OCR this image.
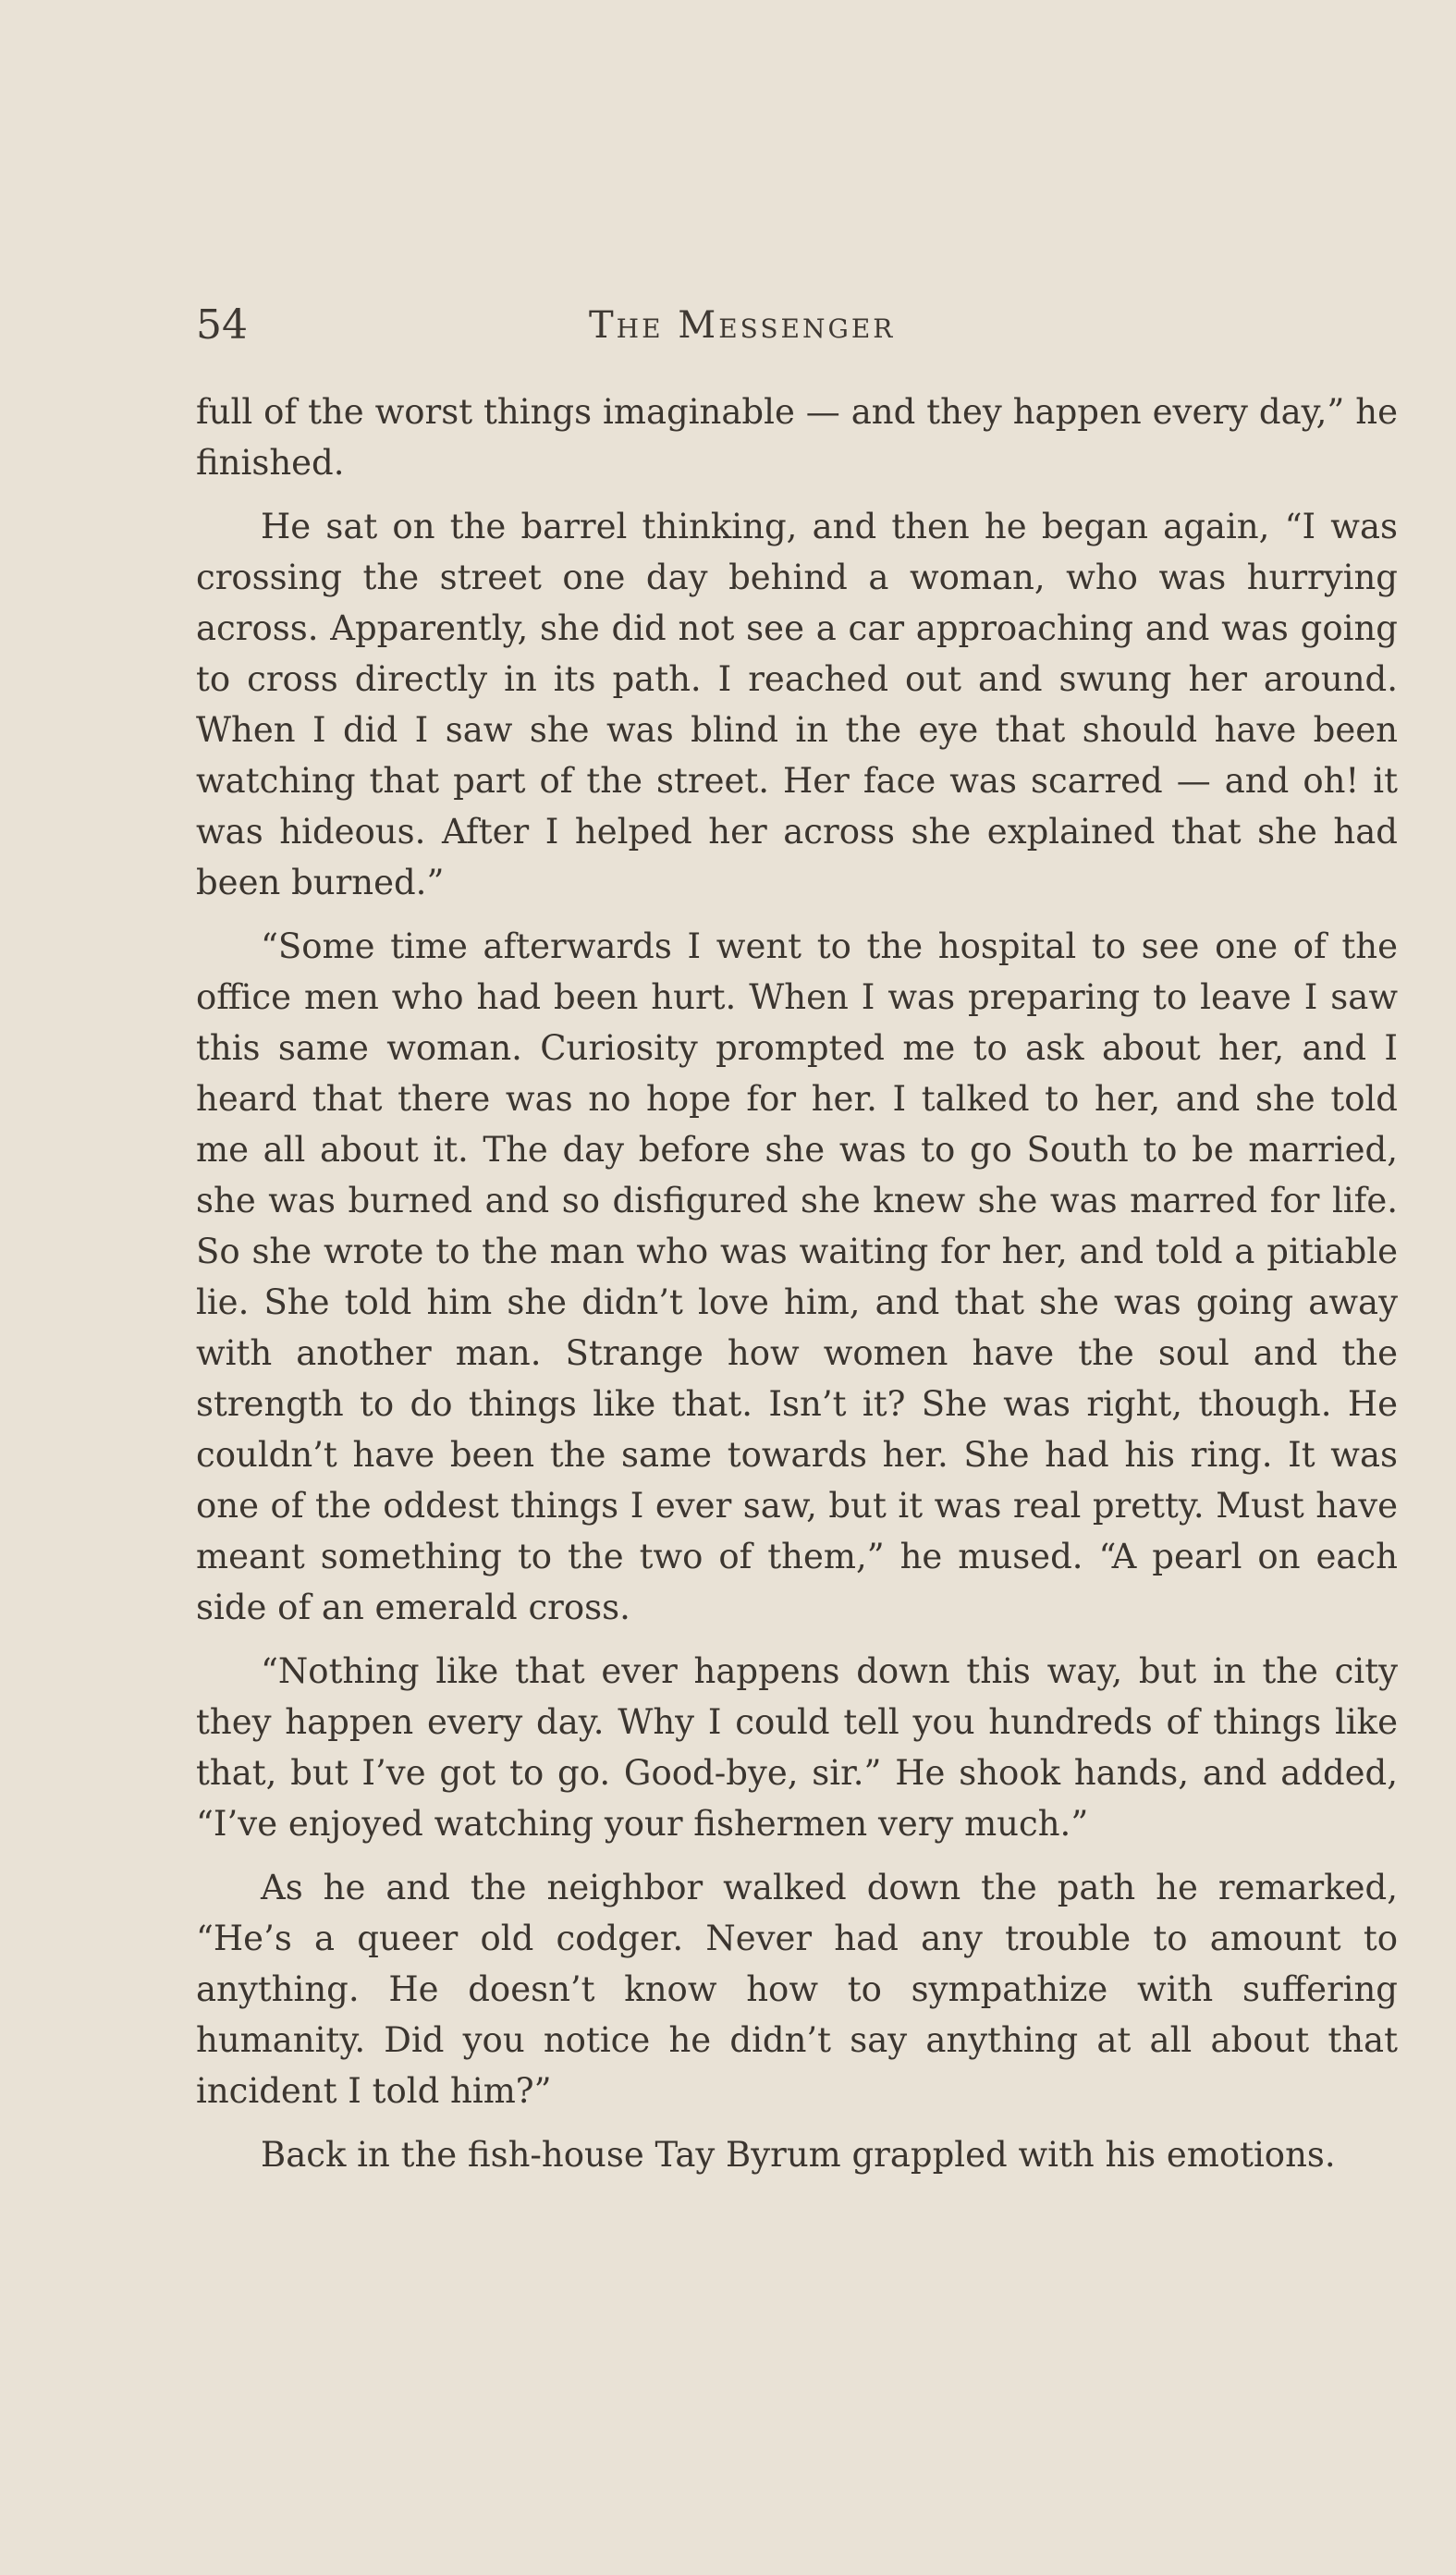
54	The Messenger

full of the worst things imaginable — and they happen every day,” he finished.

He sat on the barrel thinking, and then he began again, “I was crossing the street one day behind a woman, who was hurrying across. Apparently, she did not see a car approaching and was going to cross directly in its path. I reached out and swung her around. When I did I saw she was blind in the eye that should have been watching that part of the street. Her face was scarred — and oh! it was hideous. After I helped her across she explained that she had been burned.”

“Some time afterwards I went to the hospital to see one of the office men who had been hurt. When I was preparing to leave I saw this same woman. Curiosity prompted me to ask about her, and I heard that there was no hope for her. I talked to her, and she told me all about it. The day before she was to go South to be married, she was burned and so disfigured she knew she was marred for life. So she wrote to the man who was waiting for her, and told a pitiable lie. She told him she didn’t love him, and that she was going away with another man. Strange how women have the soul and the strength to do things like that. Isn’t it? She was right, though. He couldn’t have been the same towards her. She had his ring. It was one of the oddest things I ever saw, but it was real pretty. Must have meant something to the two of them,” he mused. “A pearl on each side of an emerald cross.

“Nothing like that ever happens down this way, but in the city they happen every day. Why I could tell you hundreds of things like that, but I’ve got to go. Good-bye, sir.” He shook hands, and added, “I’ve enjoyed watching your fishermen very much.”

As he and the neighbor walked down the path he remarked, “He’s a queer old codger. Never had any trouble to amount to anything. He doesn’t know how to sympathize with suffering humanity. Did you notice he didn’t say anything at all about that incident I told him?”

Back in the fish-house Tay Byrum grappled with his emotions.
